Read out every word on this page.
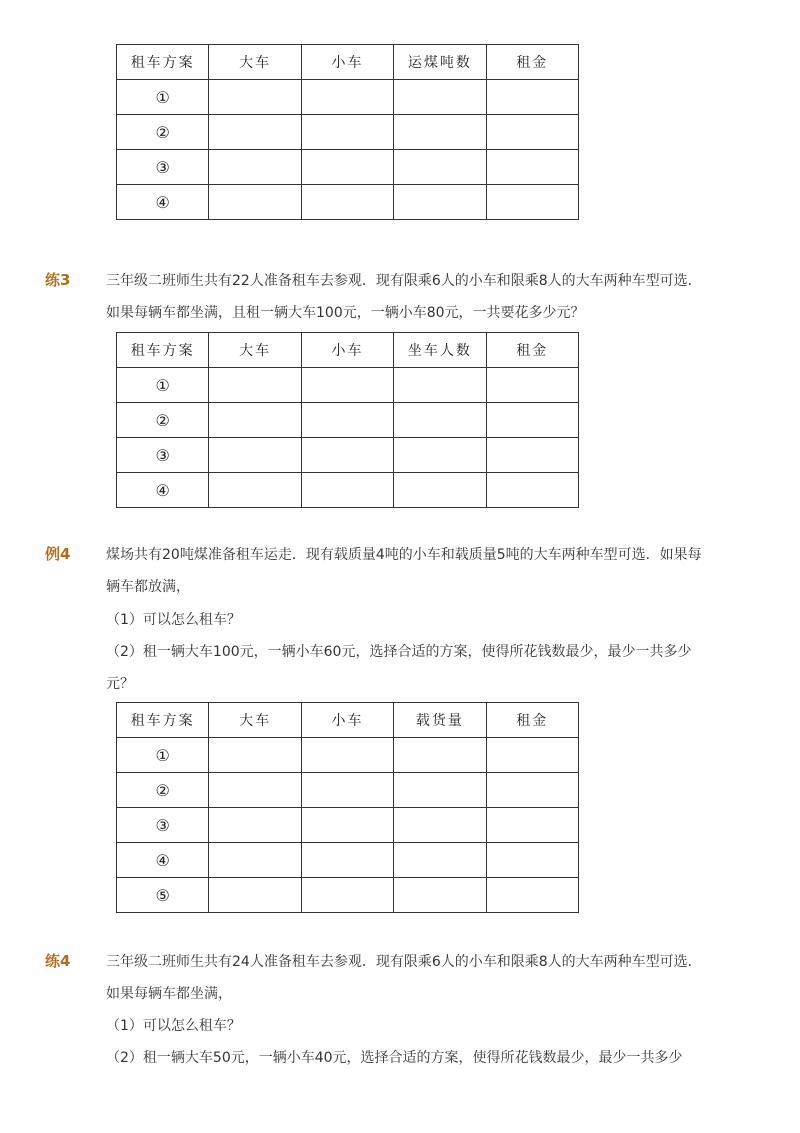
租车方案	大车	小车	运煤吨数	租金
①				
②				
③				
④				
练3	三年级二班师生共有22人准备租车去参观．现有限乘6人的小车和限乘8人的大车两种车型可选．
如果每辆车都坐满，且租一辆大车100元，一辆小车80元，一共要花多少元？
租车方案	大车	小车	坐车人数	租金
①				
②				
③				
④				
例4	煤场共有20吨煤准备租车运走．现有载质量4吨的小车和载质量5吨的大车两种车型可选．如果每
辆车都放满，
（1）可以怎么租车？
（2）租一辆大车100元，一辆小车60元，选择合适的方案，使得所花钱数最少，最少一共多少
元？
租车方案	大车	小车	载货量	租金
①				
②				
③				
④				
⑤				
练4	三年级二班师生共有24人准备租车去参观．现有限乘6人的小车和限乘8人的大车两种车型可选．
如果每辆车都坐满，
（1）可以怎么租车？
（2）租一辆大车50元，一辆小车40元，选择合适的方案，使得所花钱数最少，最少一共多少
